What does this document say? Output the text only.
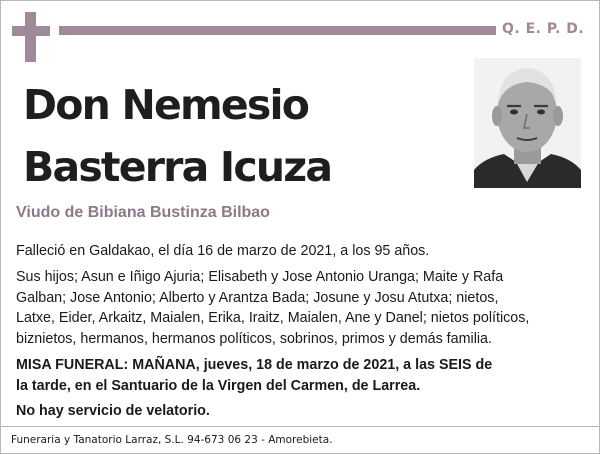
Q. E. P. D.
Don Nemesio
Basterra Icuza
Viudo de Bibiana Bustinza Bilbao
Falleció en Galdakao, el día 16 de marzo de 2021, a los 95 años.
Sus hijos; Asun e Iñigo Ajuria; Elisabeth y Jose Antonio Uranga; Maite y Rafa
Galban; Jose Antonio; Alberto y Arantza Bada; Josune y Josu Atutxa; nietos,
Latxe, Eider, Arkaitz, Maialen, Erika, Iraitz, Maialen, Ane y Danel; nietos políticos,
biznietos, hermanos, hermanos políticos, sobrinos, primos y demás familia.
MISA FUNERAL: MAÑANA, jueves, 18 de marzo de 2021, a las SEIS de
la tarde, en el Santuario de la Virgen del Carmen, de Larrea.
No hay servicio de velatorio.
Funeraria y Tanatorio Larraz, S.L. 94-673 06 23 - Amorebieta.
